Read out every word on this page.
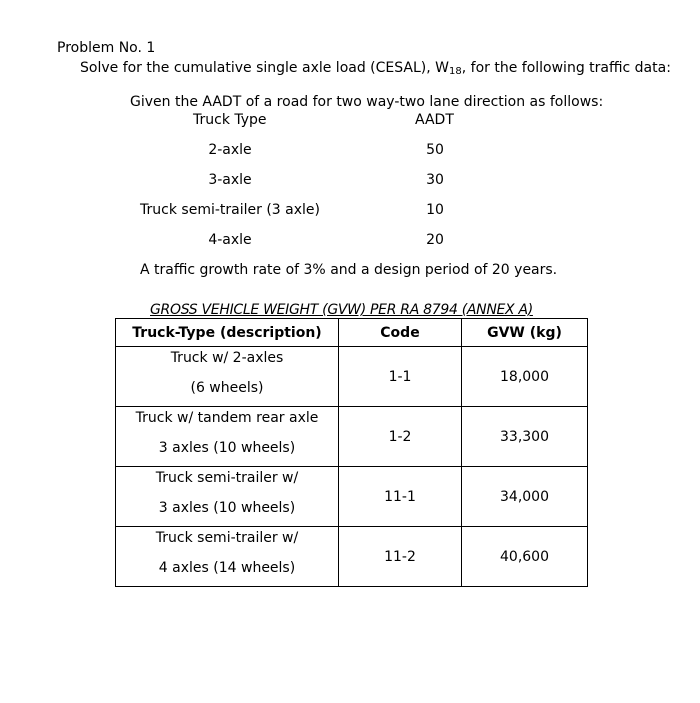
Problem No. 1
Solve for the cumulative single axle load (CESAL), $W_{18}$, for the following traffic data:
Given the AADT of a road for two way-two lane direction as follows:
Truck Type	AADT
2-axle	50
3-axle	30
Truck semi-trailer (3 axle)	10
4-axle	20
A traffic growth rate of 3% and a design period of 20 years.
GROSS VEHICLE WEIGHT (GVW) PER RA 8794 (ANNEX A)
Truck-Type (description)	Code	GVW (kg)

Truck w/ 2-axles
(6 wheels)	1-1	18,000

Truck w/ tandem rear axle
3 axles (10 wheels)	1-2	33,300

Truck semi-trailer w/
3 axles (10 wheels)	11-1	34,000

Truck semi-trailer w/
4 axles (14 wheels)	11-2	40,600
